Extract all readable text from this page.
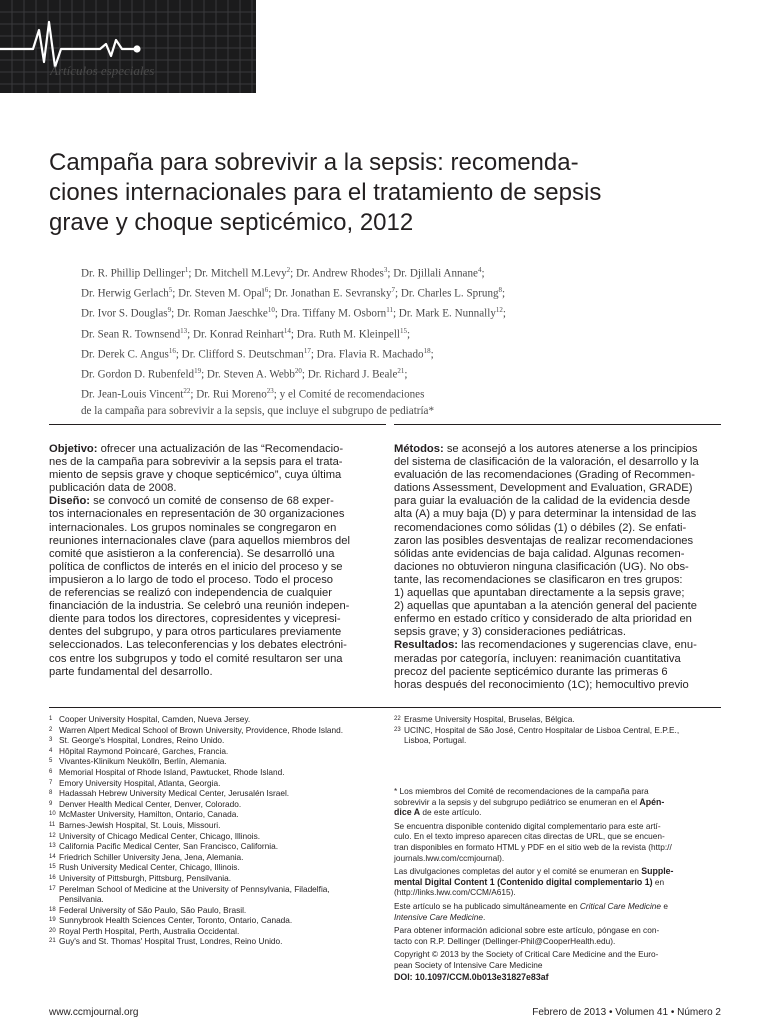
Artículos especiales
Campaña para sobrevivir a la sepsis: recomenda-
ciones internacionales para el tratamiento de sepsis
grave y choque septicémico, 2012
Dr. R. Phillip Dellinger$^1$; Dr. Mitchell M.Levy$^2$; Dr. Andrew Rhodes$^3$; Dr. Djillali Annane$^4$;
Dr. Herwig Gerlach$^5$; Dr. Steven M. Opal$^6$; Dr. Jonathan E. Sevransky$^7$; Dr. Charles L. Sprung$^8$;
Dr. Ivor S. Douglas$^9$; Dr. Roman Jaeschke$^{10}$; Dra. Tiffany M. Osborn$^{11}$; Dr. Mark E. Nunnally$^{12}$;
Dr. Sean R. Townsend$^{13}$; Dr. Konrad Reinhart$^{14}$; Dra. Ruth M. Kleinpell$^{15}$;
Dr. Derek C. Angus$^{16}$; Dr. Clifford S. Deutschman$^{17}$; Dra. Flavia R. Machado$^{18}$;
Dr. Gordon D. Rubenfeld$^{19}$; Dr. Steven A. Webb$^{20}$; Dr. Richard J. Beale$^{21}$;
Dr. Jean-Louis Vincent$^{22}$; Dr. Rui Moreno$^{23}$; y el Comité de recomendaciones
de la campaña para sobrevivir a la sepsis, que incluye el subgrupo de pediatría*
Objetivo: ofrecer una actualización de las “Recomendacio-
nes de la campaña para sobrevivir a la sepsis para el trata-
miento de sepsis grave y choque septicémico”, cuya última
publicación data de 2008.
Diseño: se convocó un comité de consenso de 68 exper-
tos internacionales en representación de 30 organizaciones
internacionales. Los grupos nominales se congregaron en
reuniones internacionales clave (para aquellos miembros del
comité que asistieron a la conferencia). Se desarrolló una
política de conflictos de interés en el inicio del proceso y se
impusieron a lo largo de todo el proceso. Todo el proceso
de referencias se realizó con independencia de cualquier
financiación de la industria. Se celebró una reunión indepen-
diente para todos los directores, copresidentes y vicepresi-
dentes del subgrupo, y para otros particulares previamente
seleccionados. Las teleconferencias y los debates electróni-
cos entre los subgrupos y todo el comité resultaron ser una
parte fundamental del desarrollo.
Métodos: se aconsejó a los autores atenerse a los principios
del sistema de clasificación de la valoración, el desarrollo y la
evaluación de las recomendaciones (Grading of Recommen-
dations Assessment, Development and Evaluation, GRADE)
para guiar la evaluación de la calidad de la evidencia desde
alta (A) a muy baja (D) y para determinar la intensidad de las
recomendaciones como sólidas (1) o débiles (2). Se enfati-
zaron las posibles desventajas de realizar recomendaciones
sólidas ante evidencias de baja calidad. Algunas recomen-
daciones no obtuvieron ninguna clasificación (UG). No obs-
tante, las recomendaciones se clasificaron en tres grupos:
1) aquellas que apuntaban directamente a la sepsis grave;
2) aquellas que apuntaban a la atención general del paciente
enfermo en estado crítico y considerado de alta prioridad en
sepsis grave; y 3) consideraciones pediátricas.
Resultados: las recomendaciones y sugerencias clave, enu-
meradas por categoría, incluyen: reanimación cuantitativa
precoz del paciente septicémico durante las primeras 6
horas después del reconocimiento (1C); hemocultivo previo
1 Cooper University Hospital, Camden, Nueva Jersey.
2 Warren Alpert Medical School of Brown University, Providence, Rhode Island.
3 St. George's Hospital, Londres, Reino Unido.
4 Hôpital Raymond Poincaré, Garches, Francia.
5 Vivantes-Klinikum Neukölln, Berlín, Alemania.
6 Memorial Hospital of Rhode Island, Pawtucket, Rhode Island.
7 Emory University Hospital, Atlanta, Georgia.
8 Hadassah Hebrew University Medical Center, Jerusalén Israel.
9 Denver Health Medical Center, Denver, Colorado.
10 McMaster University, Hamilton, Ontario, Canada.
11 Barnes-Jewish Hospital, St. Louis, Missouri.
12 University of Chicago Medical Center, Chicago, Illinois.
13 California Pacific Medical Center, San Francisco, California.
14 Friedrich Schiller University Jena, Jena, Alemania.
15 Rush University Medical Center, Chicago, Illinois.
16 University of Pittsburgh, Pittsburg, Pensilvania.
17 Perelman School of Medicine at the University of Pennsylvania, Filadelfia,
Pensilvania.
18 Federal University of São Paulo, São Paulo, Brasil.
19 Sunnybrook Health Sciences Center, Toronto, Ontario, Canada.
20 Royal Perth Hospital, Perth, Australia Occidental.
21 Guy's and St. Thomas' Hospital Trust, Londres, Reino Unido.
22 Erasme University Hospital, Bruselas, Bélgica.
23 UCINC, Hospital de São José, Centro Hospitalar de Lisboa Central, E.P.E.,
Lisboa, Portugal.
* Los miembros del Comité de recomendaciones de la campaña para
sobrevivir a la sepsis y del subgrupo pediátrico se enumeran en el Apén-
dice A de este artículo.
Se encuentra disponible contenido digital complementario para este artí-
culo. En el texto impreso aparecen citas directas de URL, que se encuen-
tran disponibles en formato HTML y PDF en el sitio web de la revista (http://
journals.lww.com/ccmjournal).
Las divulgaciones completas del autor y el comité se enumeran en Supple-
mental Digital Content 1 (Contenido digital complementario 1) en
(http://links.lww.com/CCM/A615).
Este artículo se ha publicado simultáneamente en Critical Care Medicine e
Intensive Care Medicine.
Para obtener información adicional sobre este artículo, póngase en con-
tacto con R.P. Dellinger (Dellinger-Phil@CooperHealth.edu).
Copyright © 2013 by the Society of Critical Care Medicine and the Euro-
pean Society of Intensive Care Medicine
DOI: 10.1097/CCM.0b013e31827e83af
www.ccmjournal.org	Febrero de 2013 • Volumen 41 • Número 2
